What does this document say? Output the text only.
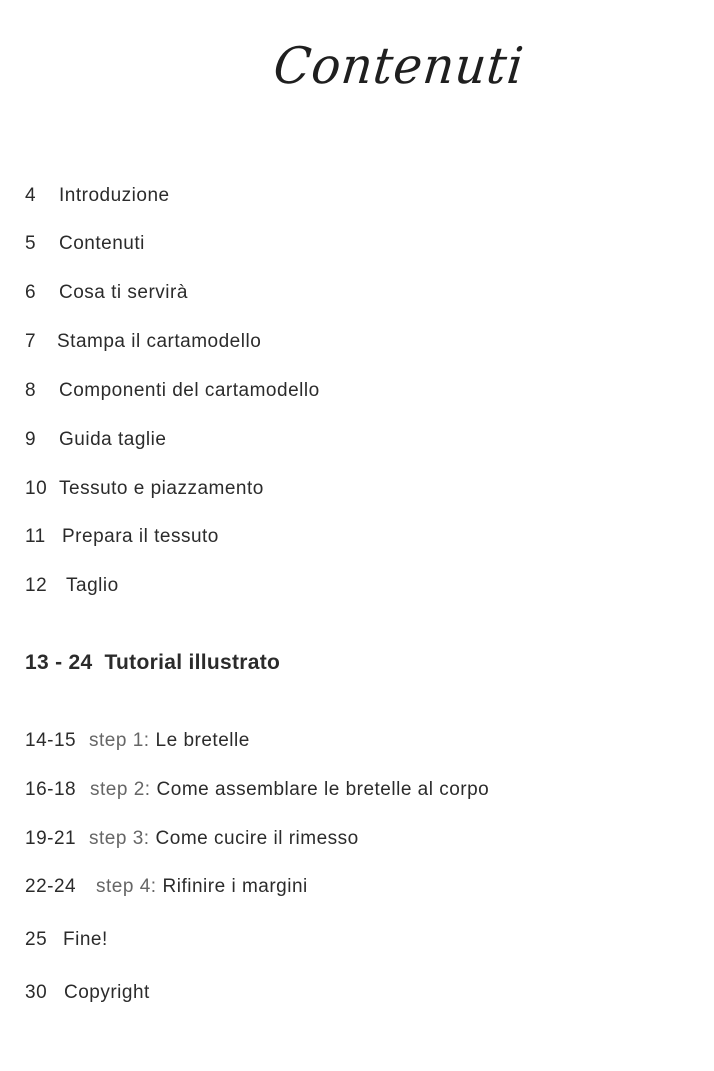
Contenuti
4 Introduzione
5 Contenuti
6 Cosa ti servirà
7 Stampa il cartamodello
8 Componenti del cartamodello
9 Guida taglie
10 Tessuto e piazzamento
11 Prepara il tessuto
12 Taglio
13 - 24 Tutorial illustrato
14-15 step 1: Le bretelle
16-18 step 2: Come assemblare le bretelle al corpo
19-21 step 3: Come cucire il rimesso
22-24 step 4: Rifinire i margini
25 Fine!
30 Copyright
